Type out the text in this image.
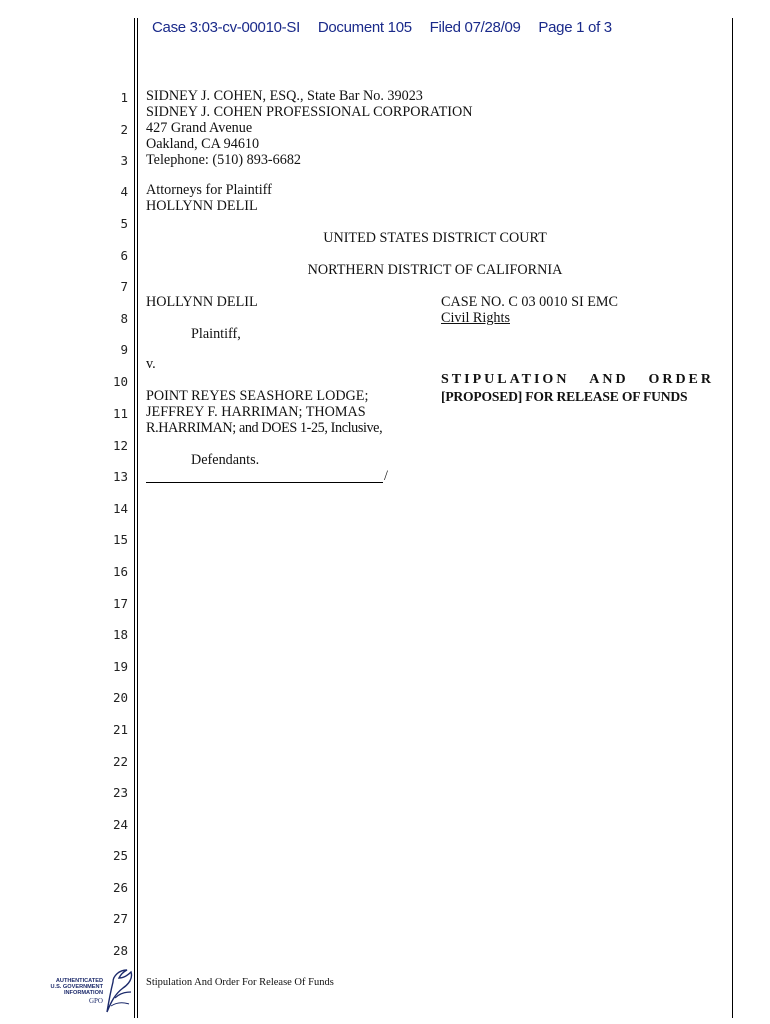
Case 3:03-cv-00010-SI Document 105 Filed 07/28/09 Page 1 of 3
1
2
3
4
5
6
7
8
9
10
11
12
13
14
15
16
17
18
19
20
21
22
23
24
25
26
27
28
SIDNEY J. COHEN, ESQ., State Bar No. 39023
SIDNEY J. COHEN PROFESSIONAL CORPORATION
427 Grand Avenue
Oakland, CA 94610
Telephone: (510) 893-6682
Attorneys for Plaintiff
HOLLYNN DELIL
UNITED STATES DISTRICT COURT
NORTHERN DISTRICT OF CALIFORNIA
HOLLYNN DELIL
Plaintiff,
v.
POINT REYES SEASHORE LODGE;
JEFFREY F. HARRIMAN; THOMAS
R.HARRIMAN; and DOES 1-25, Inclusive,
Defendants.
/
CASE NO. C 03 0010 SI EMC
Civil Rights
STIPULATION AND ORDER
[PROPOSED] FOR RELEASE OF FUNDS
Stipulation And Order For Release Of Funds
AUTHENTICATED
U.S. GOVERNMENT
INFORMATION
GPO
